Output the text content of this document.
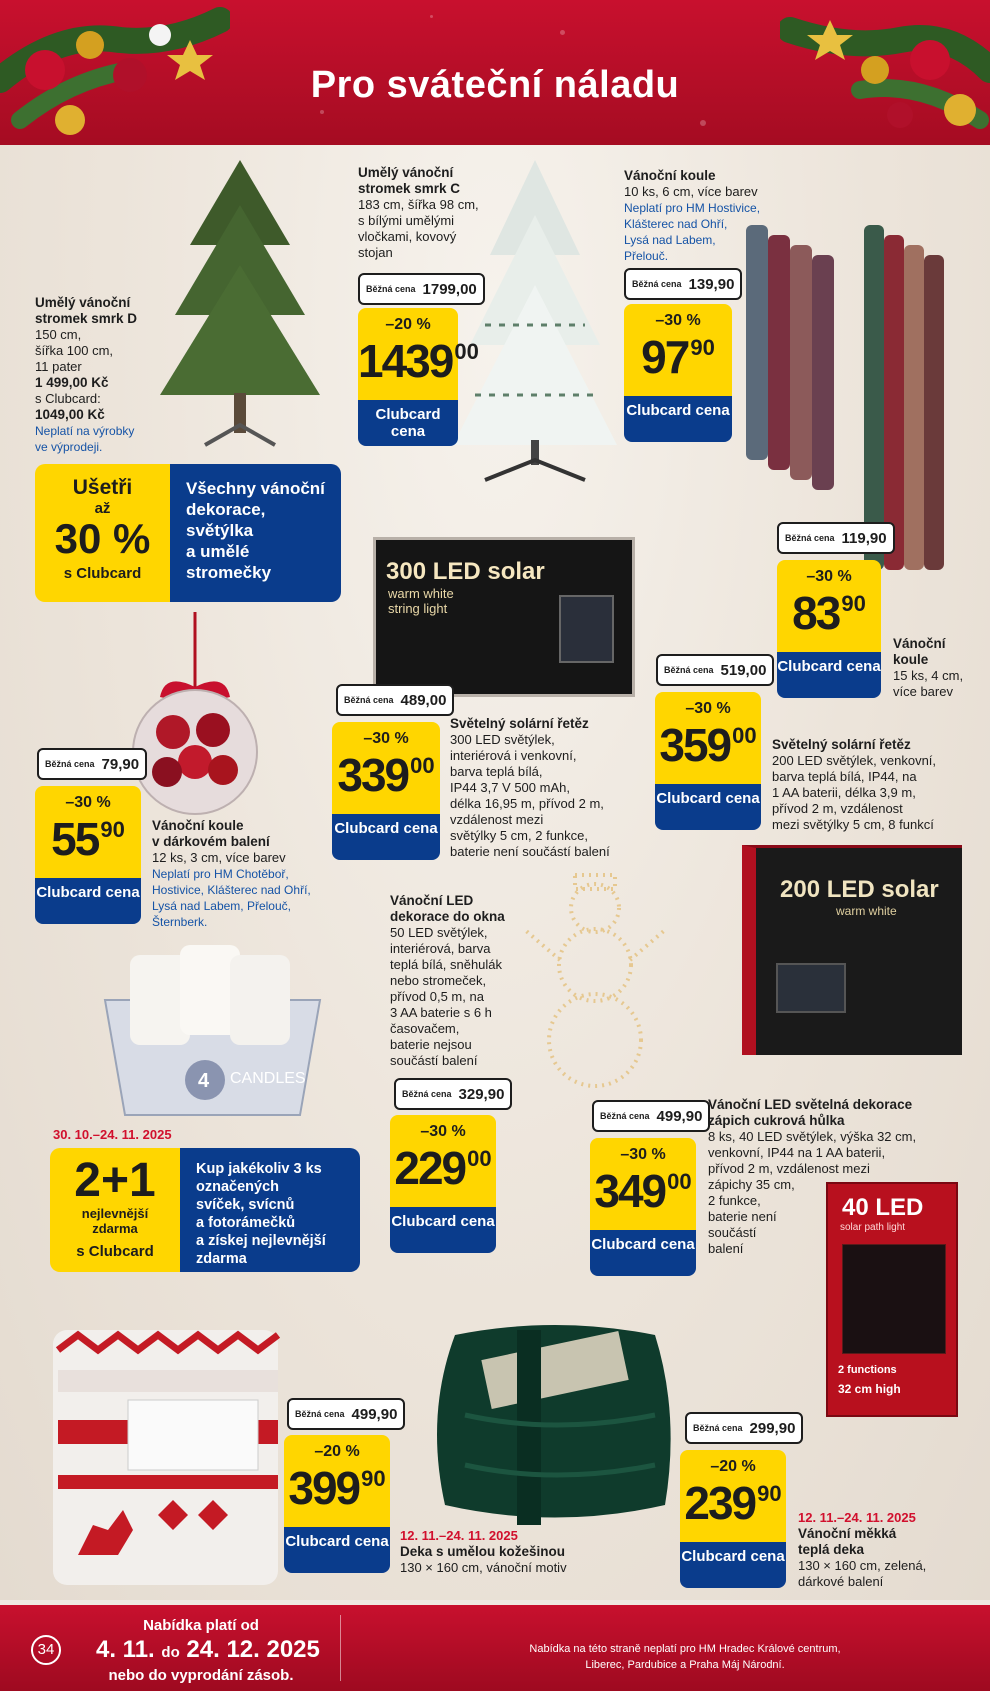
Pro sváteční náladu
Umělý vánoční
stromek smrk D
150 cm,
šířka 100 cm,
11 pater
1 499,00 Kč
s Clubcard:
1049,00 Kč
Neplatí na výrobky
ve výprodeji.
Ušetři
až
30 %
s Clubcard
Všechny vánoční
dekorace,
světýlka
a umělé
stromečky
Umělý vánoční
stromek smrk C
183 cm, šířka 98 cm,
s bílými umělými
vločkami, kovový
stojan
Běžná cena 1799,00
–20 %
1439 00
Clubcard cena
Vánoční koule
10 ks, 6 cm, více barev
Neplatí pro HM Hostivice,
Klášterec nad Ohří,
Lysá nad Labem,
Přelouč.
Běžná cena 139,90
–30 %
97 90
Clubcard cena
Běžná cena 119,90
–30 %
83 90
Clubcard cena
Vánoční
koule
15 ks, 4 cm,
více barev
300 LED solar
warm white
string light
Běžná cena 489,00
–30 %
339 00
Clubcard cena
Světelný solární řetěz
300 LED světýlek,
interiérová i venkovní,
barva teplá bílá,
IP44 3,7 V 500 mAh,
délka 16,95 m, přívod 2 m,
vzdálenost mezi
světýlky 5 cm, 2 funkce,
baterie není součástí balení
Běžná cena 519,00
–30 %
359 00
Clubcard cena
Světelný solární řetěz
200 LED světýlek, venkovní,
barva teplá bílá, IP44, na
1 AA baterii, délka 3,9 m,
přívod 2 m, vzdálenost
mezi světýlky 5 cm, 8 funkcí
200 LED solar
warm white
Běžná cena 79,90
–30 %
55 90
Clubcard cena
Vánoční koule
v dárkovém balení
12 ks, 3 cm, více barev
Neplatí pro HM Chotěboř,
Hostivice, Klášterec nad Ohří,
Lysá nad Labem, Přelouč,
Šternberk.
4 CANDLES
30. 10.–24. 11. 2025
2+1
nejlevnější
zdarma
s Clubcard
Kup jakékoliv 3 ks
označených
svíček, svícnů
a fotorámečků
a získej nejlevnější
zdarma
Vánoční LED
dekorace do okna
50 LED světýlek,
interiérová, barva
teplá bílá, sněhulák
nebo stromeček,
přívod 0,5 m, na
3 AA baterie s 6 h
časovačem,
baterie nejsou
součástí balení
Běžná cena 329,90
–30 %
229 00
Clubcard cena
Běžná cena 499,90
–30 %
349 00
Clubcard cena
Vánoční LED světelná dekorace
zápich cukrová hůlka
8 ks, 40 LED světýlek, výška 32 cm,
venkovní, IP44 na 1 AA baterii,
přívod 2 m, vzdálenost mezi
zápichy 35 cm,
2 funkce,
baterie není
součástí
balení
40 LED
solar path light
2 functions
32 cm high
Běžná cena 499,90
–20 %
399 90
Clubcard cena 12. 11.–24. 11. 2025
Deka s umělou kožešinou
130 × 160 cm, vánoční motiv
Běžná cena 299,90
–20 %
239 90
Clubcard cena
12. 11.–24. 11. 2025
Vánoční měkká
teplá deka
130 × 160 cm, zelená,
dárkové balení
34
Nabídka platí od
4. 11. do 24. 12. 2025
nebo do vyprodání zásob.
Nabídka na této straně neplatí pro HM Hradec Králové centrum,
Liberec, Pardubice a Praha Máj Národní.
